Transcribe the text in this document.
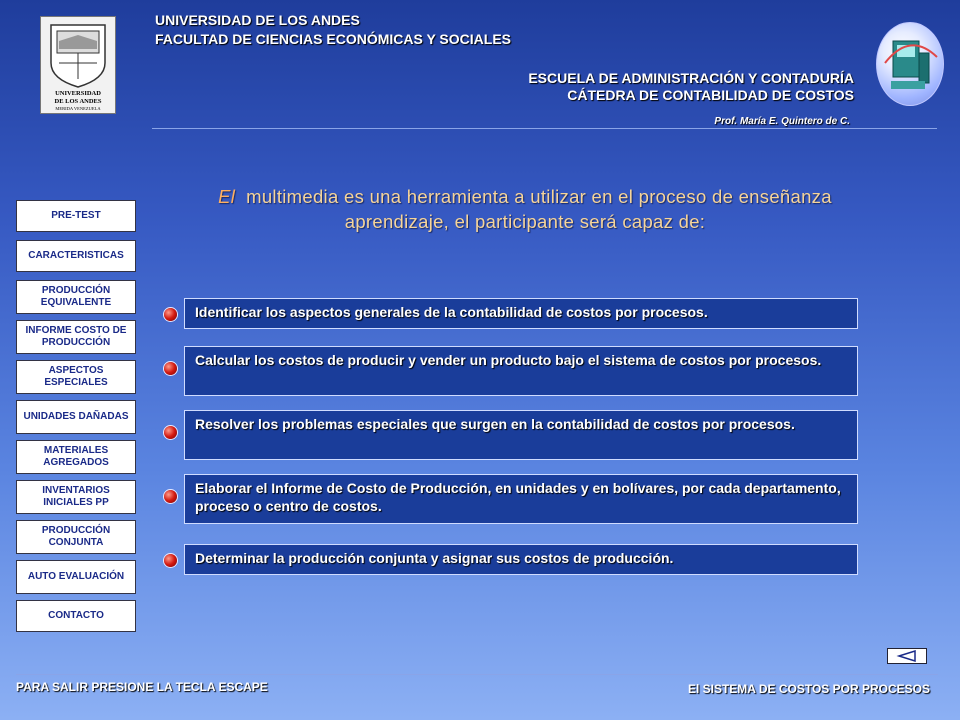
UNIVERSIDAD
DE LOS ANDES
MERIDA VENEZUELA
UNIVERSIDAD DE LOS ANDES
FACULTAD DE CIENCIAS ECONÓMICAS Y SOCIALES
ESCUELA DE ADMINISTRACIÓN Y CONTADURÍA
CÁTEDRA DE CONTABILIDAD DE COSTOS
Prof. María E. Quintero de C.
El multimedia es una herramienta a utilizar en el proceso de enseñanza aprendizaje, el participante será capaz de:
PRE-TEST
CARACTERISTICAS
PRODUCCIÓN EQUIVALENTE
INFORME COSTO DE PRODUCCIÓN
ASPECTOS ESPECIALES
UNIDADES DAÑADAS
MATERIALES AGREGADOS
INVENTARIOS INICIALES PP
PRODUCCIÓN CONJUNTA
AUTO EVALUACIÓN
CONTACTO
Identificar los aspectos generales de la contabilidad de costos por procesos.
Calcular los costos de producir y vender un producto bajo el sistema de costos por procesos.
Resolver los problemas especiales que surgen en la contabilidad de costos por procesos.
Elaborar el Informe de Costo de Producción, en unidades y en bolívares, por cada departamento, proceso o centro de costos.
Determinar la producción conjunta y asignar sus costos de producción.
PARA SALIR PRESIONE LA TECLA ESCAPE	El SISTEMA DE COSTOS POR PROCESOS
